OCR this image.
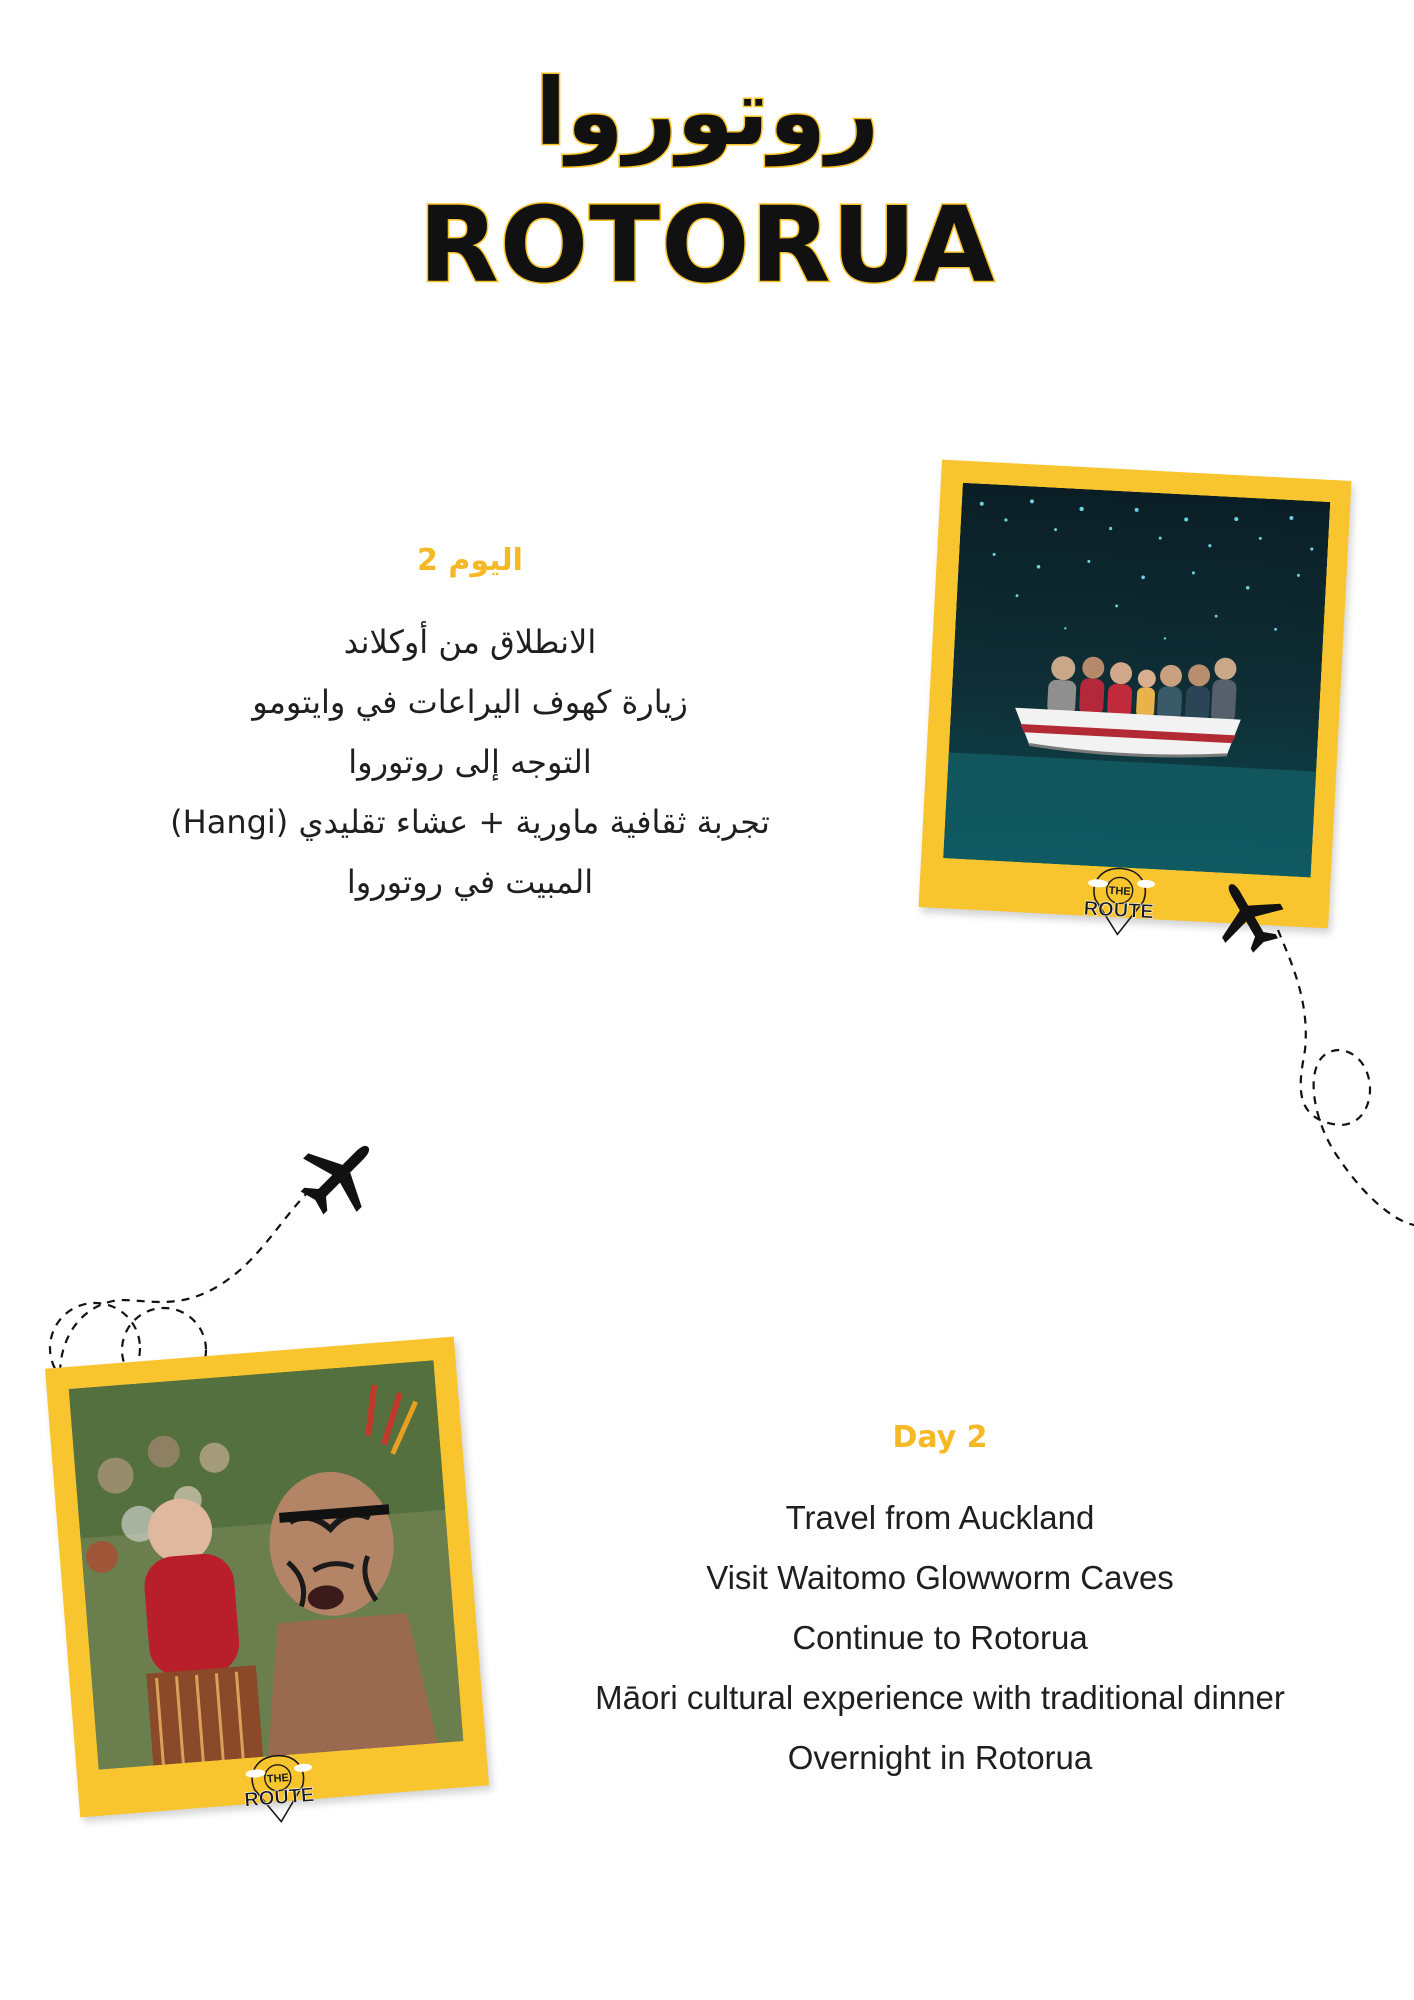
روتوروا
ROTORUA
اليوم 2
الانطلاق من أوكلاند
زيارة كهوف اليراعات في وايتومو
التوجه إلى روتوروا
تجربة ثقافية ماورية + عشاء تقليدي (Hangi)
المبيت في روتوروا
Day 2
Travel from Auckland
Visit Waitomo Glowworm Caves
Continue to Rotorua
Māori cultural experience with traditional dinner
Overnight in Rotorua
THE
ROUTE
THE
ROUTE
